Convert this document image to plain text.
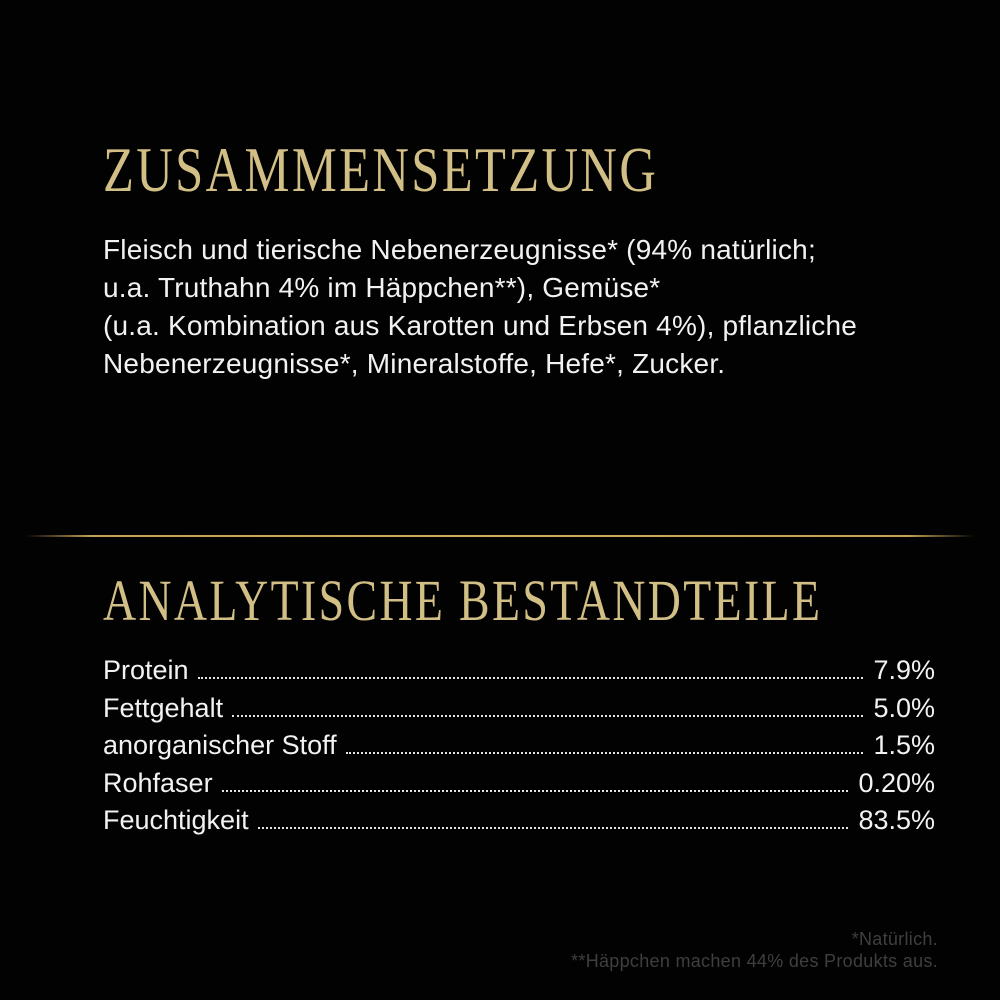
ZUSAMMENSETZUNG
Fleisch und tierische Nebenerzeugnisse* (94% natürlich;
u.a. Truthahn 4% im Häppchen**), Gemüse*
(u.a. Kombination aus Karotten und Erbsen 4%), pflanzliche
Nebenerzeugnisse*, Mineralstoffe, Hefe*, Zucker.
ANALYTISCHE BESTANDTEILE
Protein	7.9%
Fettgehalt	5.0%
anorganischer Stoff	1.5%
Rohfaser	0.20%
Feuchtigkeit	83.5%
*Natürlich.
**Häppchen machen 44% des Produkts aus.
